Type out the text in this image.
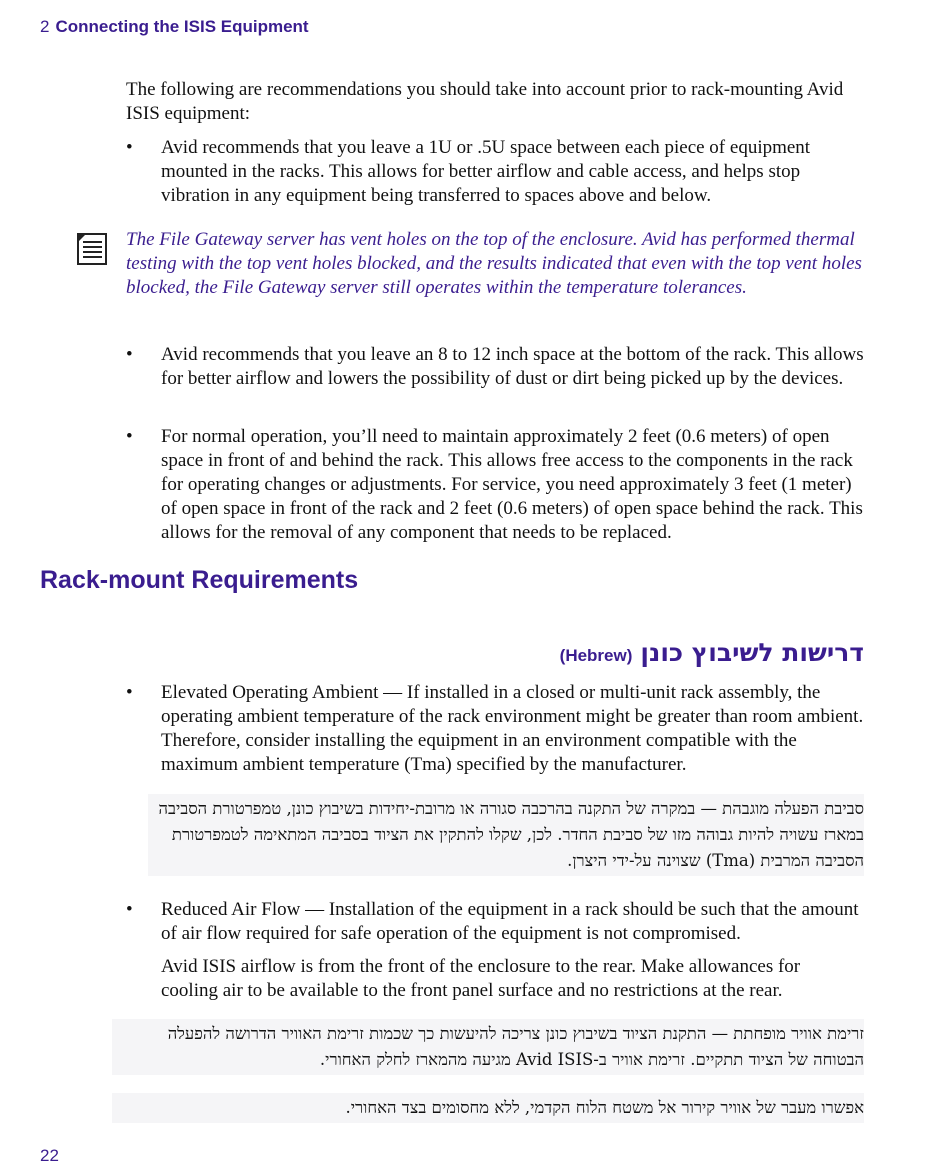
2 Connecting the ISIS Equipment

The following are recommendations you should take into account prior to rack-mounting Avid ISIS equipment:

• Avid recommends that you leave a 1U or .5U space between each piece of equipment mounted in the racks. This allows for better airflow and cable access, and helps stop vibration in any equipment being transferred to spaces above and below.
The File Gateway server has vent holes on the top of the enclosure. Avid has performed thermal testing with the top vent holes blocked, and the results indicated that even with the top vent holes blocked, the File Gateway server still operates within the temperature tolerances.
• Avid recommends that you leave an 8 to 12 inch space at the bottom of the rack. This allows for better airflow and lowers the possibility of dust or dirt being picked up by the devices.
• For normal operation, you’ll need to maintain approximately 2 feet (0.6 meters) of open space in front of and behind the rack. This allows free access to the components in the rack for operating changes or adjustments. For service, you need approximately 3 feet (1 meter) of open space in front of the rack and 2 feet (0.6 meters) of open space behind the rack. This allows for the removal of any component that needs to be replaced.
Rack-mount Requirements
דרישות לשיבוץ כונן(Hebrew)
• Elevated Operating Ambient — If installed in a closed or multi-unit rack assembly, the operating ambient temperature of the rack environment might be greater than room ambient. Therefore, consider installing the equipment in an environment compatible with the maximum ambient temperature (Tma) specified by the manufacturer.
סביבת הפעלה מוגבהת — במקרה של התקנה בהרכבה סגורה או מרובת-יחידות בשיבוץ כונן, טמפרטורת הסביבה במארז עשויה להיות גבוהה מזו של סביבת החדר. לכן, שקלו להתקין את הציוד בסביבה המתאימה לטמפרטורת הסביבה המרבית (Tma) שצוינה על-ידי היצרן.
• Reduced Air Flow — Installation of the equipment in a rack should be such that the amount of air flow required for safe operation of the equipment is not compromised.

Avid ISIS airflow is from the front of the enclosure to the rear. Make allowances for cooling air to be available to the front panel surface and no restrictions at the rear.

זרימת אוויר מופחתת — התקנת הציוד בשיבוץ כונן צריכה להיעשות כך שכמות זרימת האוויר הדרושה להפעלה הבטוחה של הציוד תתקיים. זרימת אוויר ב-Avid ISIS מגיעה מהמארז לחלק האחורי.
אפשרו מעבר של אוויר קירור אל משטח הלוח הקדמי, ללא מחסומים בצד האחורי.
22
